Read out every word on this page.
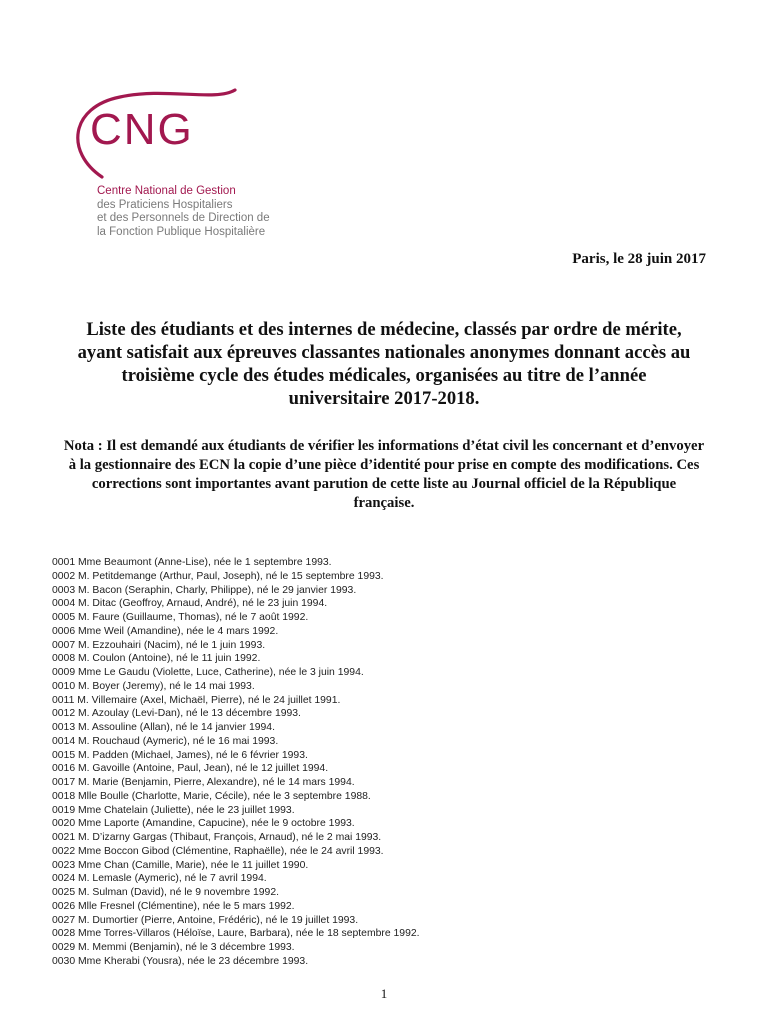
CNG
Centre National de Gestion
des Praticiens Hospitaliers
et des Personnels de Direction de
la Fonction Publique Hospitalière
Paris, le 28 juin 2017
Liste des étudiants et des internes de médecine, classés par ordre de mérite, ayant satisfait aux épreuves classantes nationales anonymes donnant accès au troisième cycle des études médicales, organisées au titre de l’année universitaire 2017-2018.

Nota : Il est demandé aux étudiants de vérifier les informations d’état civil les concernant et d’envoyer à la gestionnaire des ECN la copie d’une pièce d’identité pour prise en compte des modifications. Ces corrections sont importantes avant parution de cette liste au Journal officiel de la République française.

0001 Mme Beaumont (Anne-Lise), née le 1 septembre 1993.
0002 M. Petitdemange (Arthur, Paul, Joseph), né le 15 septembre 1993.
0003 M. Bacon (Seraphin, Charly, Philippe), né le 29 janvier 1993.
0004 M. Ditac (Geoffroy, Arnaud, André), né le 23 juin 1994.
0005 M. Faure (Guillaume, Thomas), né le 7 août 1992.
0006 Mme Weil (Amandine), née le 4 mars 1992.
0007 M. Ezzouhairi (Nacim), né le 1 juin 1993.
0008 M. Coulon (Antoine), né le 11 juin 1992.
0009 Mme Le Gaudu (Violette, Luce, Catherine), née le 3 juin 1994.
0010 M. Boyer (Jeremy), né le 14 mai 1993.
0011 M. Villemaire (Axel, Michaël, Pierre), né le 24 juillet 1991.
0012 M. Azoulay (Levi-Dan), né le 13 décembre 1993.
0013 M. Assouline (Allan), né le 14 janvier 1994.
0014 M. Rouchaud (Aymeric), né le 16 mai 1993.
0015 M. Padden (Michael, James), né le 6 février 1993.
0016 M. Gavoille (Antoine, Paul, Jean), né le 12 juillet 1994.
0017 M. Marie (Benjamin, Pierre, Alexandre), né le 14 mars 1994.
0018 Mlle Boulle (Charlotte, Marie, Cécile), née le 3 septembre 1988.
0019 Mme Chatelain (Juliette), née le 23 juillet 1993.
0020 Mme Laporte (Amandine, Capucine), née le 9 octobre 1993.
0021 M. D’izarny Gargas (Thibaut, François, Arnaud), né le 2 mai 1993.
0022 Mme Boccon Gibod (Clémentine, Raphaëlle), née le 24 avril 1993.
0023 Mme Chan (Camille, Marie), née le 11 juillet 1990.
0024 M. Lemasle (Aymeric), né le 7 avril 1994.
0025 M. Sulman (David), né le 9 novembre 1992.
0026 Mlle Fresnel (Clémentine), née le 5 mars 1992.
0027 M. Dumortier (Pierre, Antoine, Frédéric), né le 19 juillet 1993.
0028 Mme Torres-Villaros (Héloïse, Laure, Barbara), née le 18 septembre 1992.
0029 M. Memmi (Benjamin), né le 3 décembre 1993.
0030 Mme Kherabi (Yousra), née le 23 décembre 1993.
1
